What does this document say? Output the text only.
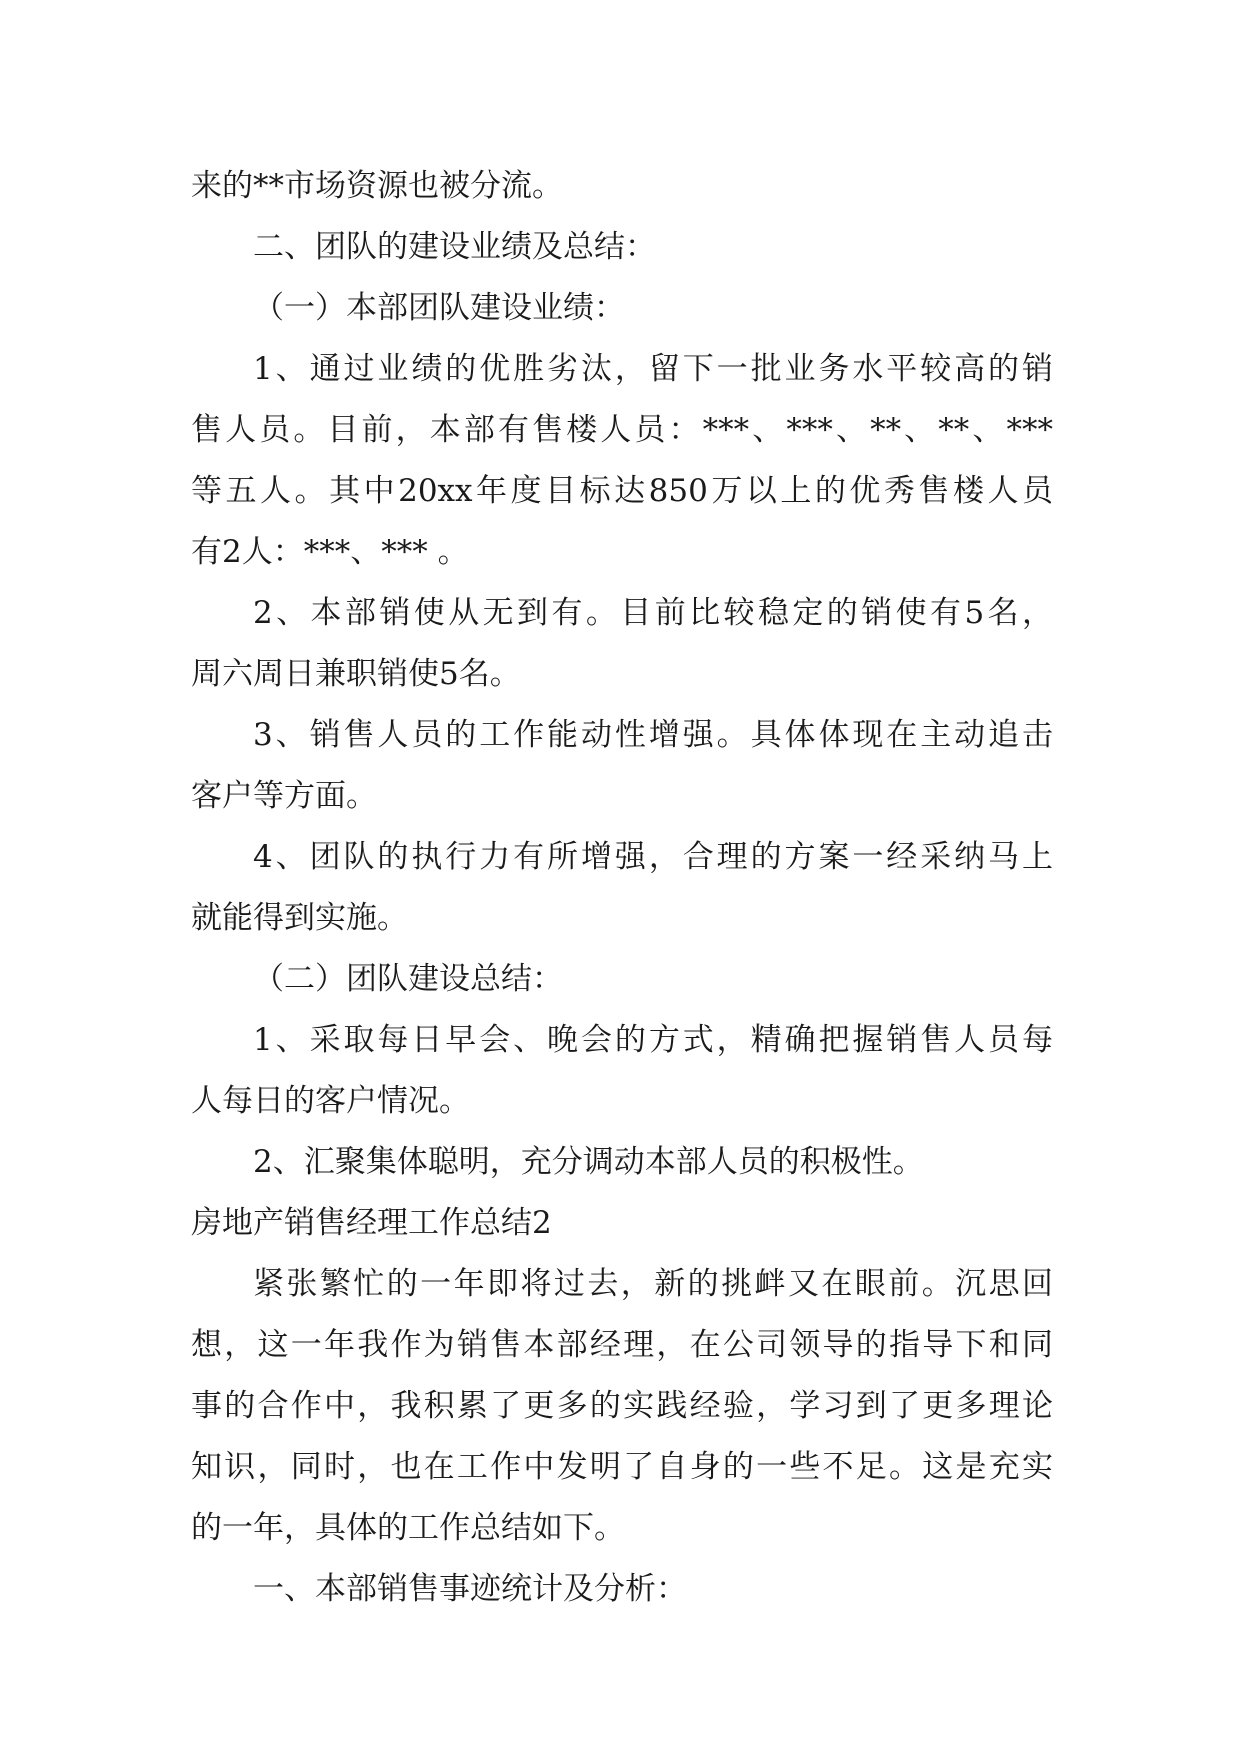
来的**市场资源也被分流。
二、团队的建设业绩及总结：
（一）本部团队建设业绩：
1、通过业绩的优胜劣汰，留下一批业务水平较高的销
售人员。目前，本部有售楼人员：***、***、**、**、***
等五人。其中20xx年度目标达850万以上的优秀售楼人员
有2人：***、*** 。
2、本部销使从无到有。目前比较稳定的销使有5名，
周六周日兼职销使5名。
3、销售人员的工作能动性增强。具体体现在主动追击
客户等方面。
4、团队的执行力有所增强，合理的方案一经采纳马上
就能得到实施。
（二）团队建设总结：
1、采取每日早会、晚会的方式，精确把握销售人员每
人每日的客户情况。
2、汇聚集体聪明，充分调动本部人员的积极性。
房地产销售经理工作总结2
紧张繁忙的一年即将过去，新的挑衅又在眼前。沉思回
想，这一年我作为销售本部经理，在公司领导的指导下和同
事的合作中，我积累了更多的实践经验，学习到了更多理论
知识，同时，也在工作中发明了自身的一些不足。这是充实
的一年，具体的工作总结如下。
一、本部销售事迹统计及分析：
